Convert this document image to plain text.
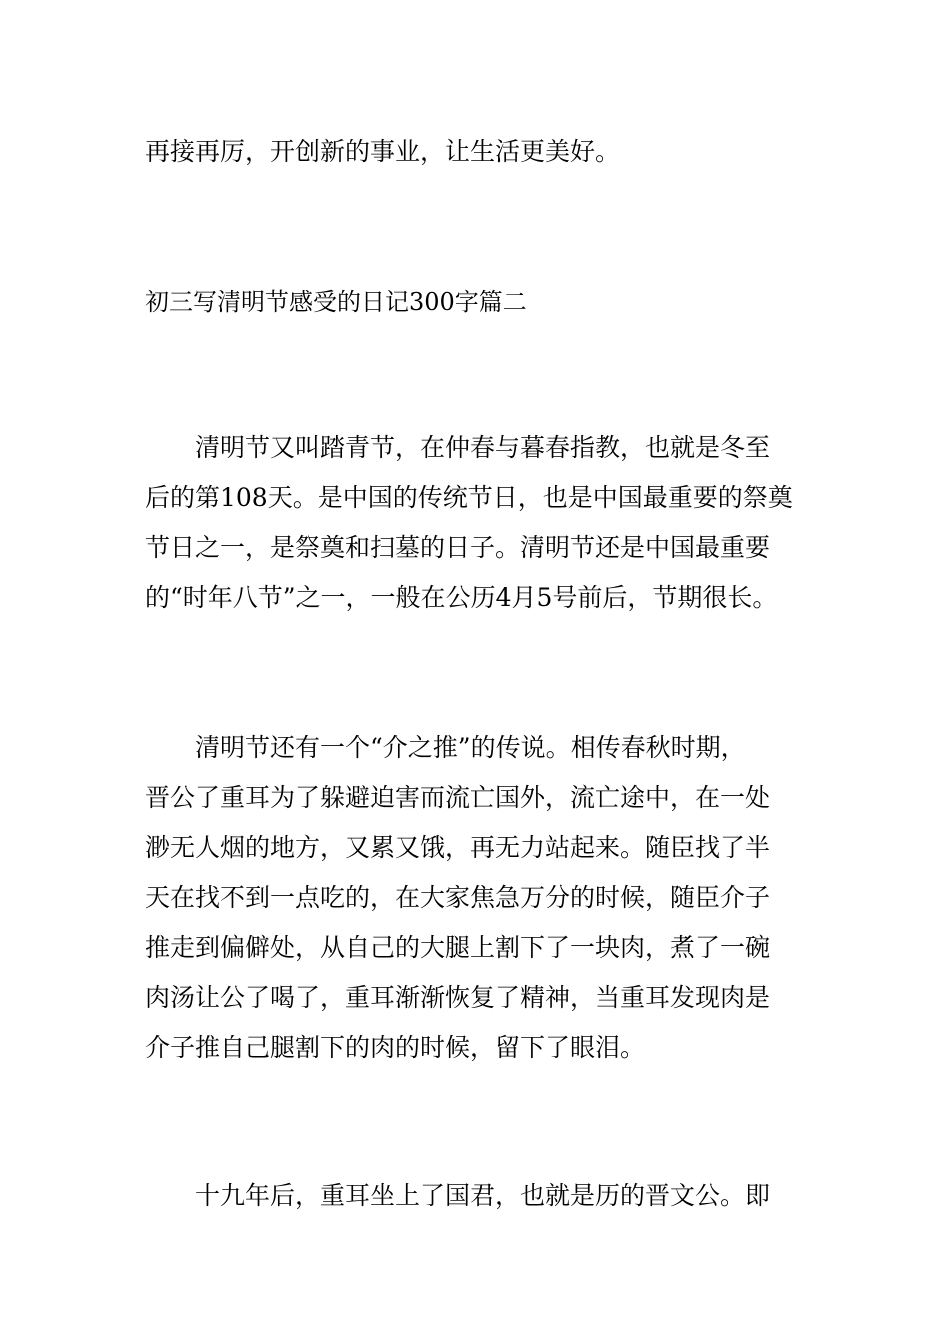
再接再厉，开创新的事业，让生活更美好。
初三写清明节感受的日记300字篇二
　　清明节又叫踏青节，在仲春与暮春指教，也就是冬至
后的第108天。是中国的传统节日，也是中国最重要的祭奠
节日之一，是祭奠和扫墓的日子。清明节还是中国最重要
的“时年八节”之一，一般在公历4月5号前后，节期很长。
　　清明节还有一个“介之推”的传说。相传春秋时期，
晋公了重耳为了躲避迫害而流亡国外，流亡途中，在一处
渺无人烟的地方，又累又饿，再无力站起来。随臣找了半
天在找不到一点吃的，在大家焦急万分的时候，随臣介子
推走到偏僻处，从自己的大腿上割下了一块肉，煮了一碗
肉汤让公了喝了，重耳渐渐恢复了精神，当重耳发现肉是
介子推自己腿割下的肉的时候，留下了眼泪。
　　十九年后，重耳坐上了国君，也就是历的晋文公。即
